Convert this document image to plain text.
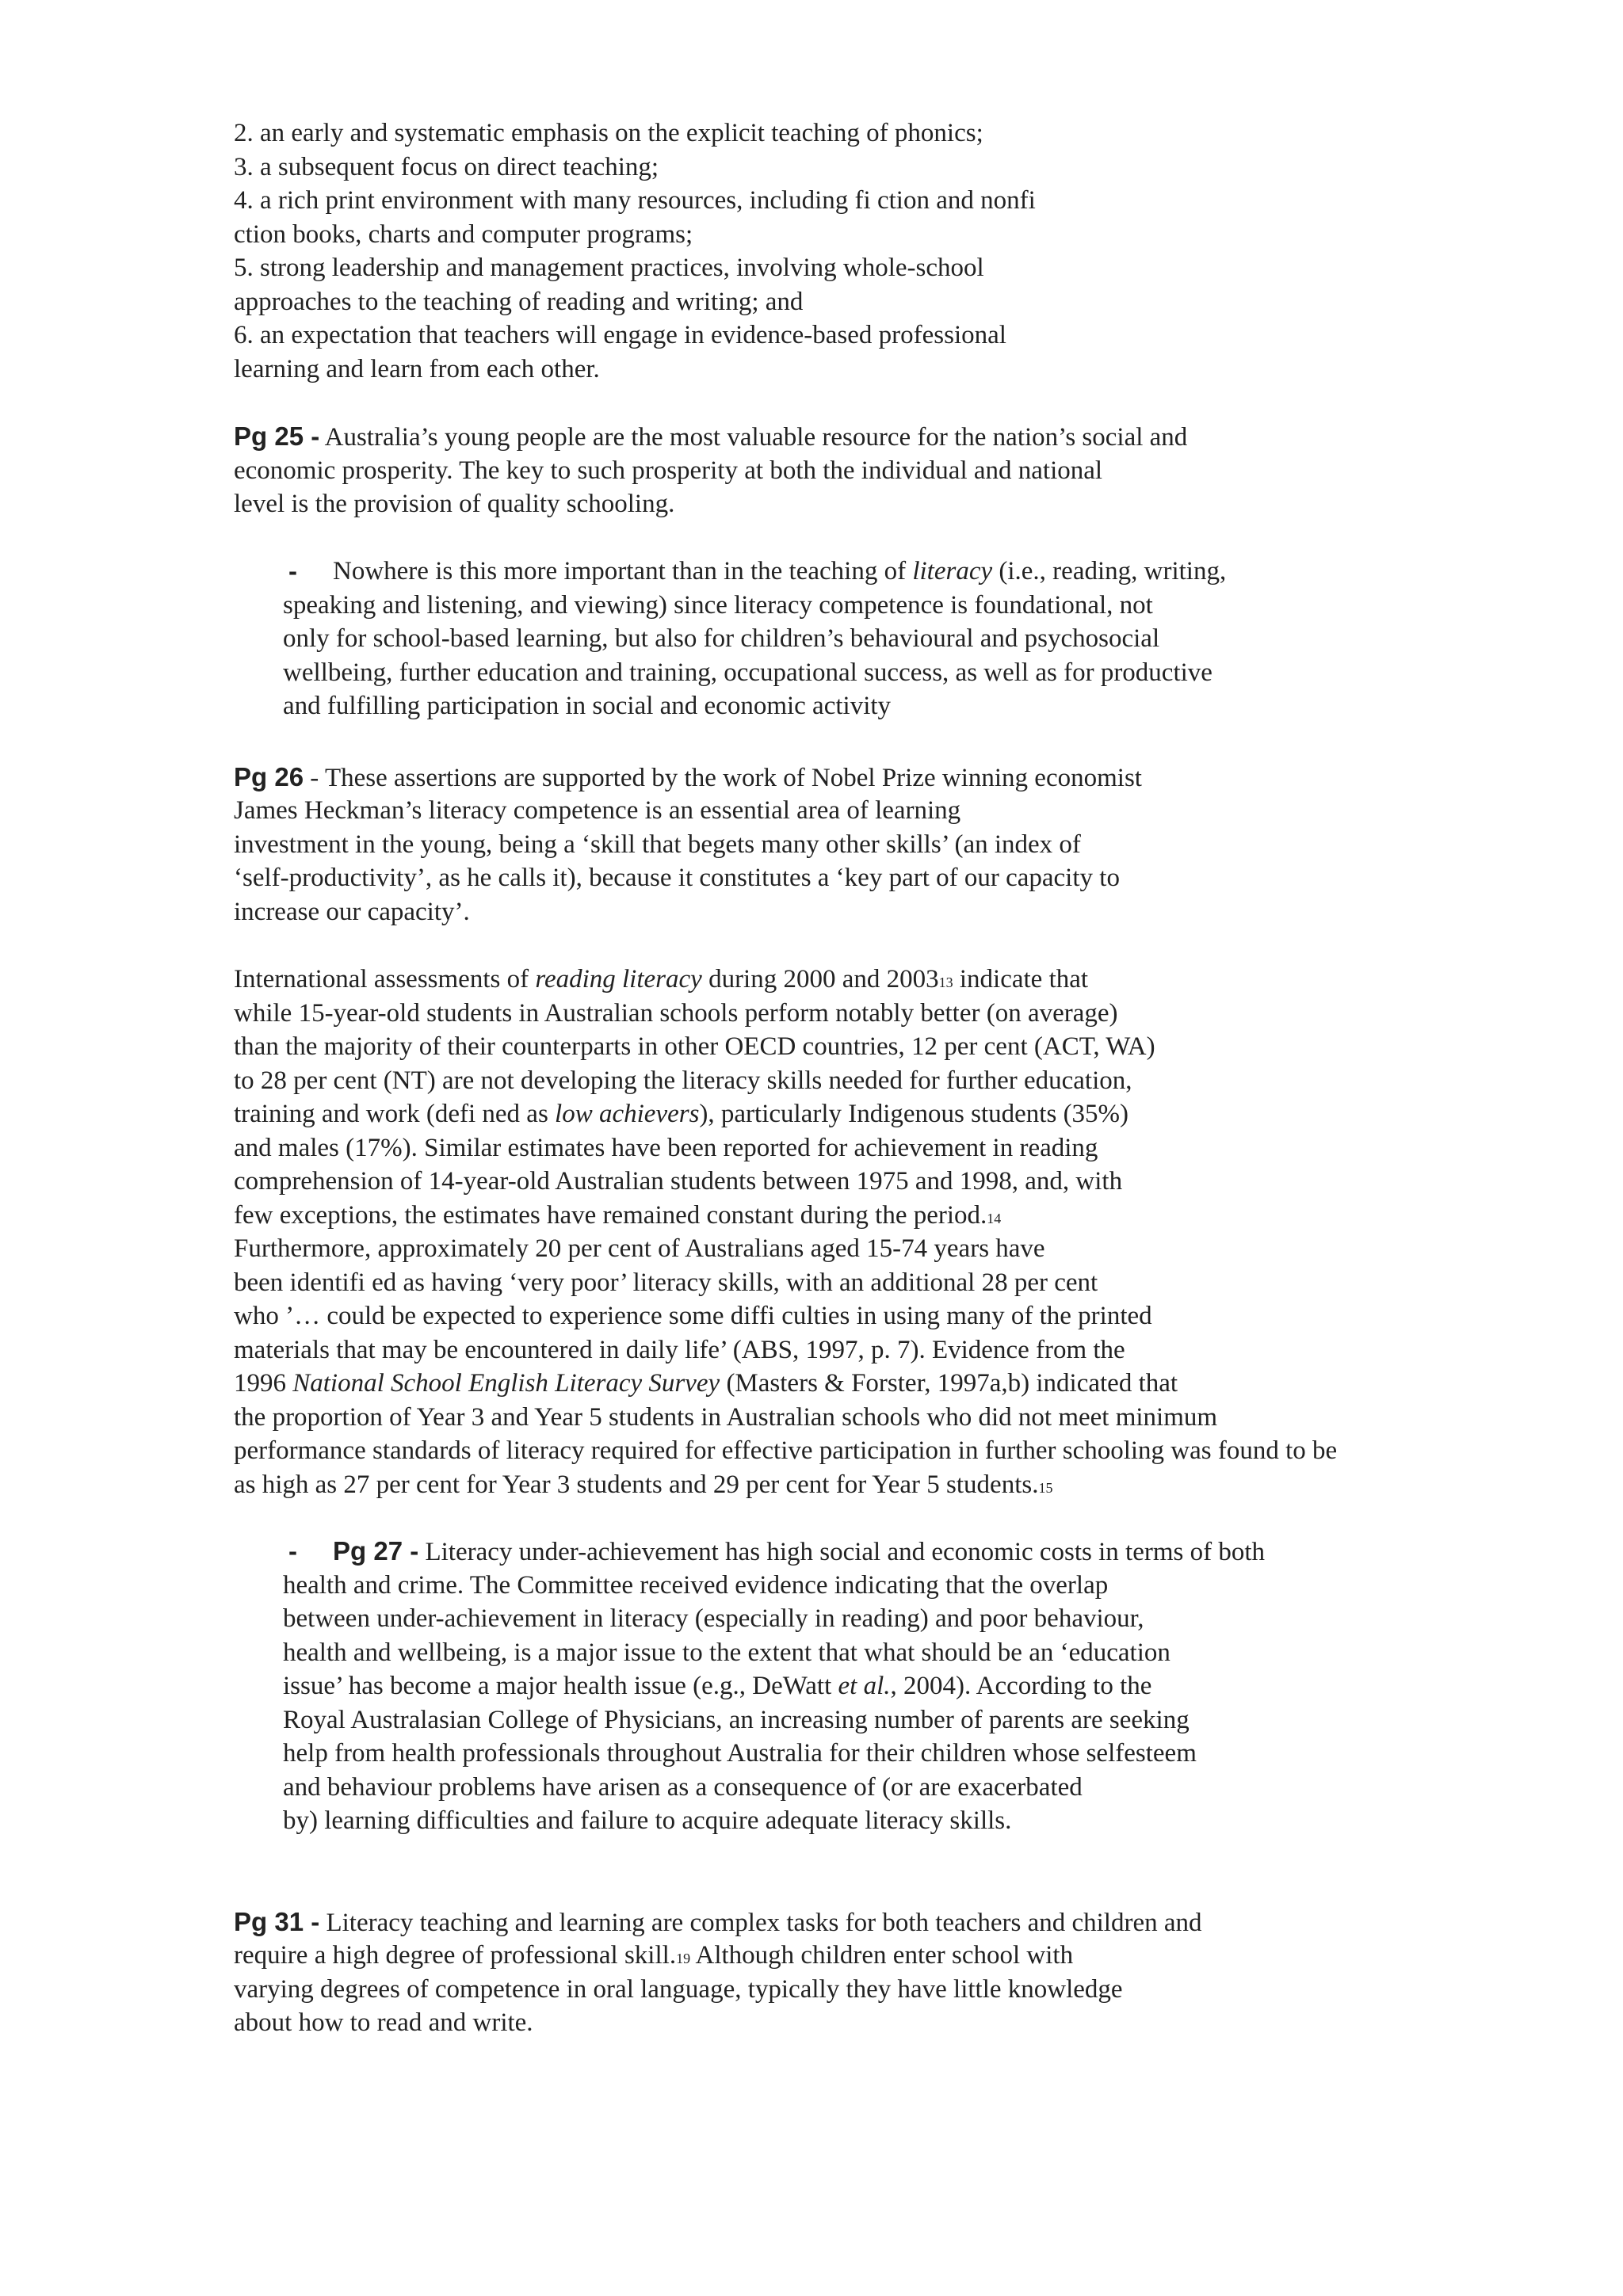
2. an early and systematic emphasis on the explicit teaching of phonics;
3. a subsequent focus on direct teaching;
4. a rich print environment with many resources, including fi ction and nonfi
ction books, charts and computer programs;
5. strong leadership and management practices, involving whole-school
approaches to the teaching of reading and writing; and
6. an expectation that teachers will engage in evidence-based professional
learning and learn from each other.
Pg 25 - Australia’s young people are the most valuable resource for the nation’s social and
economic prosperity. The key to such prosperity at both the individual and national
level is the provision of quality schooling.
- Nowhere is this more important than in the teaching of literacy (i.e., reading, writing,
speaking and listening, and viewing) since literacy competence is foundational, not
only for school-based learning, but also for children’s behavioural and psychosocial
wellbeing, further education and training, occupational success, as well as for productive
and fulfilling participation in social and economic activity
Pg 26 - These assertions are supported by the work of Nobel Prize winning economist
James Heckman’s literacy competence is an essential area of learning
investment in the young, being a ‘skill that begets many other skills’ (an index of
‘self-productivity’, as he calls it), because it constitutes a ‘key part of our capacity to
increase our capacity’.
International assessments of reading literacy during 2000 and 200313 indicate that
while 15-year-old students in Australian schools perform notably better (on average)
than the majority of their counterparts in other OECD countries, 12 per cent (ACT, WA)
to 28 per cent (NT) are not developing the literacy skills needed for further education,
training and work (defi ned as low achievers), particularly Indigenous students (35%)
and males (17%). Similar estimates have been reported for achievement in reading
comprehension of 14-year-old Australian students between 1975 and 1998, and, with
few exceptions, the estimates have remained constant during the period.14
Furthermore, approximately 20 per cent of Australians aged 15-74 years have
been identifi ed as having ‘very poor’ literacy skills, with an additional 28 per cent
who ’… could be expected to experience some diffi culties in using many of the printed
materials that may be encountered in daily life’ (ABS, 1997, p. 7). Evidence from the
1996 National School English Literacy Survey (Masters & Forster, 1997a,b) indicated that
the proportion of Year 3 and Year 5 students in Australian schools who did not meet minimum
performance standards of literacy required for effective participation in further schooling was found to be
as high as 27 per cent for Year 3 students and 29 per cent for Year 5 students.15
- Pg 27 - Literacy under-achievement has high social and economic costs in terms of both
health and crime. The Committee received evidence indicating that the overlap
between under-achievement in literacy (especially in reading) and poor behaviour,
health and wellbeing, is a major issue to the extent that what should be an ‘education
issue’ has become a major health issue (e.g., DeWatt et al., 2004). According to the
Royal Australasian College of Physicians, an increasing number of parents are seeking
help from health professionals throughout Australia for their children whose selfesteem
and behaviour problems have arisen as a consequence of (or are exacerbated
by) learning difficulties and failure to acquire adequate literacy skills.
Pg 31 - Literacy teaching and learning are complex tasks for both teachers and children and
require a high degree of professional skill.19 Although children enter school with
varying degrees of competence in oral language, typically they have little knowledge
about how to read and write.
